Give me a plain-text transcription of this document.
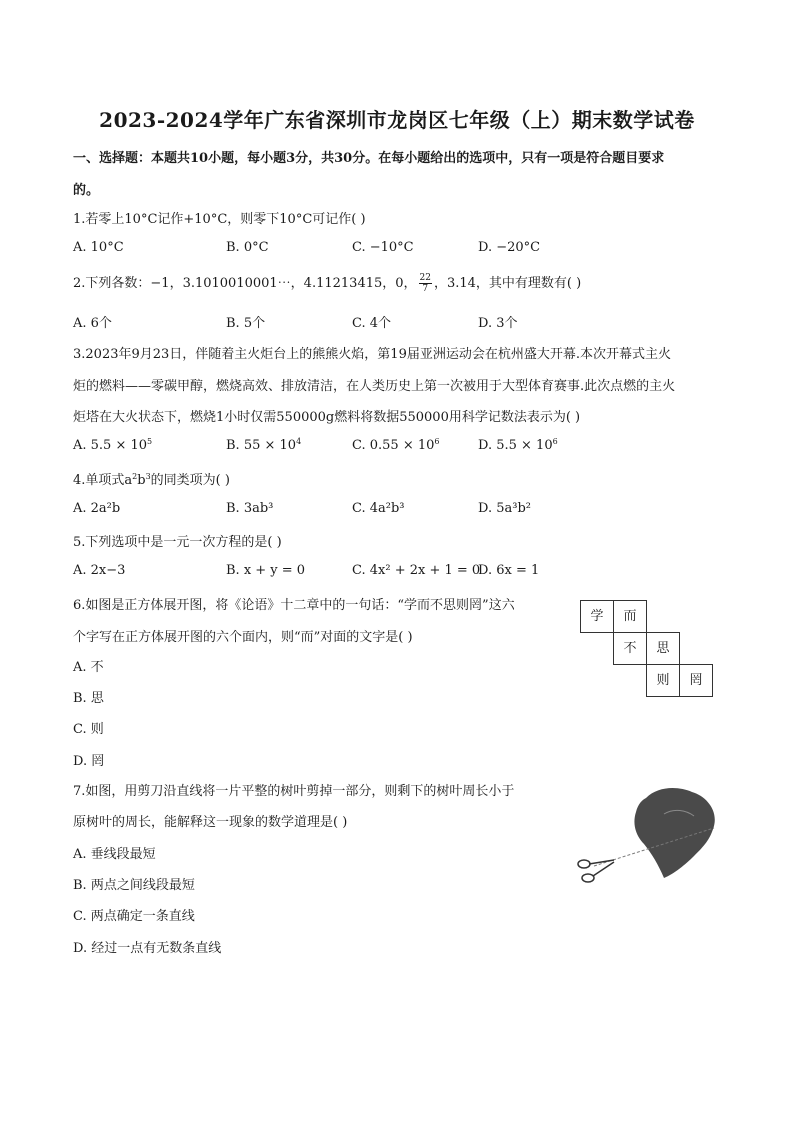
2023-2024学年广东省深圳市龙岗区七年级（上）期末数学试卷
一、选择题：本题共10小题，每小题3分，共30分。在每小题给出的选项中，只有一项是符合题目要求
的。
1.若零上10°C记作+10°C，则零下10°C可记作( )
A. 10°C	B. 0°C	C. −10°C	D. −20°C
2.下列各数：−1，3.1010010001⋯，4.11213415，0， $\frac{22}{7}$ ，3.14，其中有理数有( )
A. 6个	B. 5个	C. 4个	D. 3个
3.2023年9月23日，伴随着主火炬台上的熊熊火焰，第19届亚洲运动会在杭州盛大开幕.本次开幕式主火
炬的燃料——零碳甲醇，燃烧高效、排放清洁，在人类历史上第一次被用于大型体育赛事.此次点燃的主火
炬塔在大火状态下，燃烧1小时仅需550000g燃料将数据550000用科学记数法表示为( )
A. $5.5 \times 10^5$	B. $55 \times 10^4$	C. $0.55 \times 10^6$	D. $5.5 \times 10^6$
4.单项式$a^2b^3$的同类项为( )
A. 2a²b	B. 3ab³	C. 4a²b³	D. 5a³b²
5.下列选项中是一元一次方程的是( )
A. 2x−3	B. x + y = 0	C. 4x² + 2x + 1 = 0
D. 6x = 1
6.如图是正方体展开图，将《论语》十二章中的一句话：“学而不思则罔”这六
个字写在正方体展开图的六个面内，则“而”对面的文字是( )
A. 不
B. 思
C. 则
D. 罔
学	而
不	思
则	罔
7.如图，用剪刀沿直线将一片平整的树叶剪掉一部分，则剩下的树叶周长小于
原树叶的周长，能解释这一现象的数学道理是( )
A. 垂线段最短
B. 两点之间线段最短
C. 两点确定一条直线
D. 经过一点有无数条直线
